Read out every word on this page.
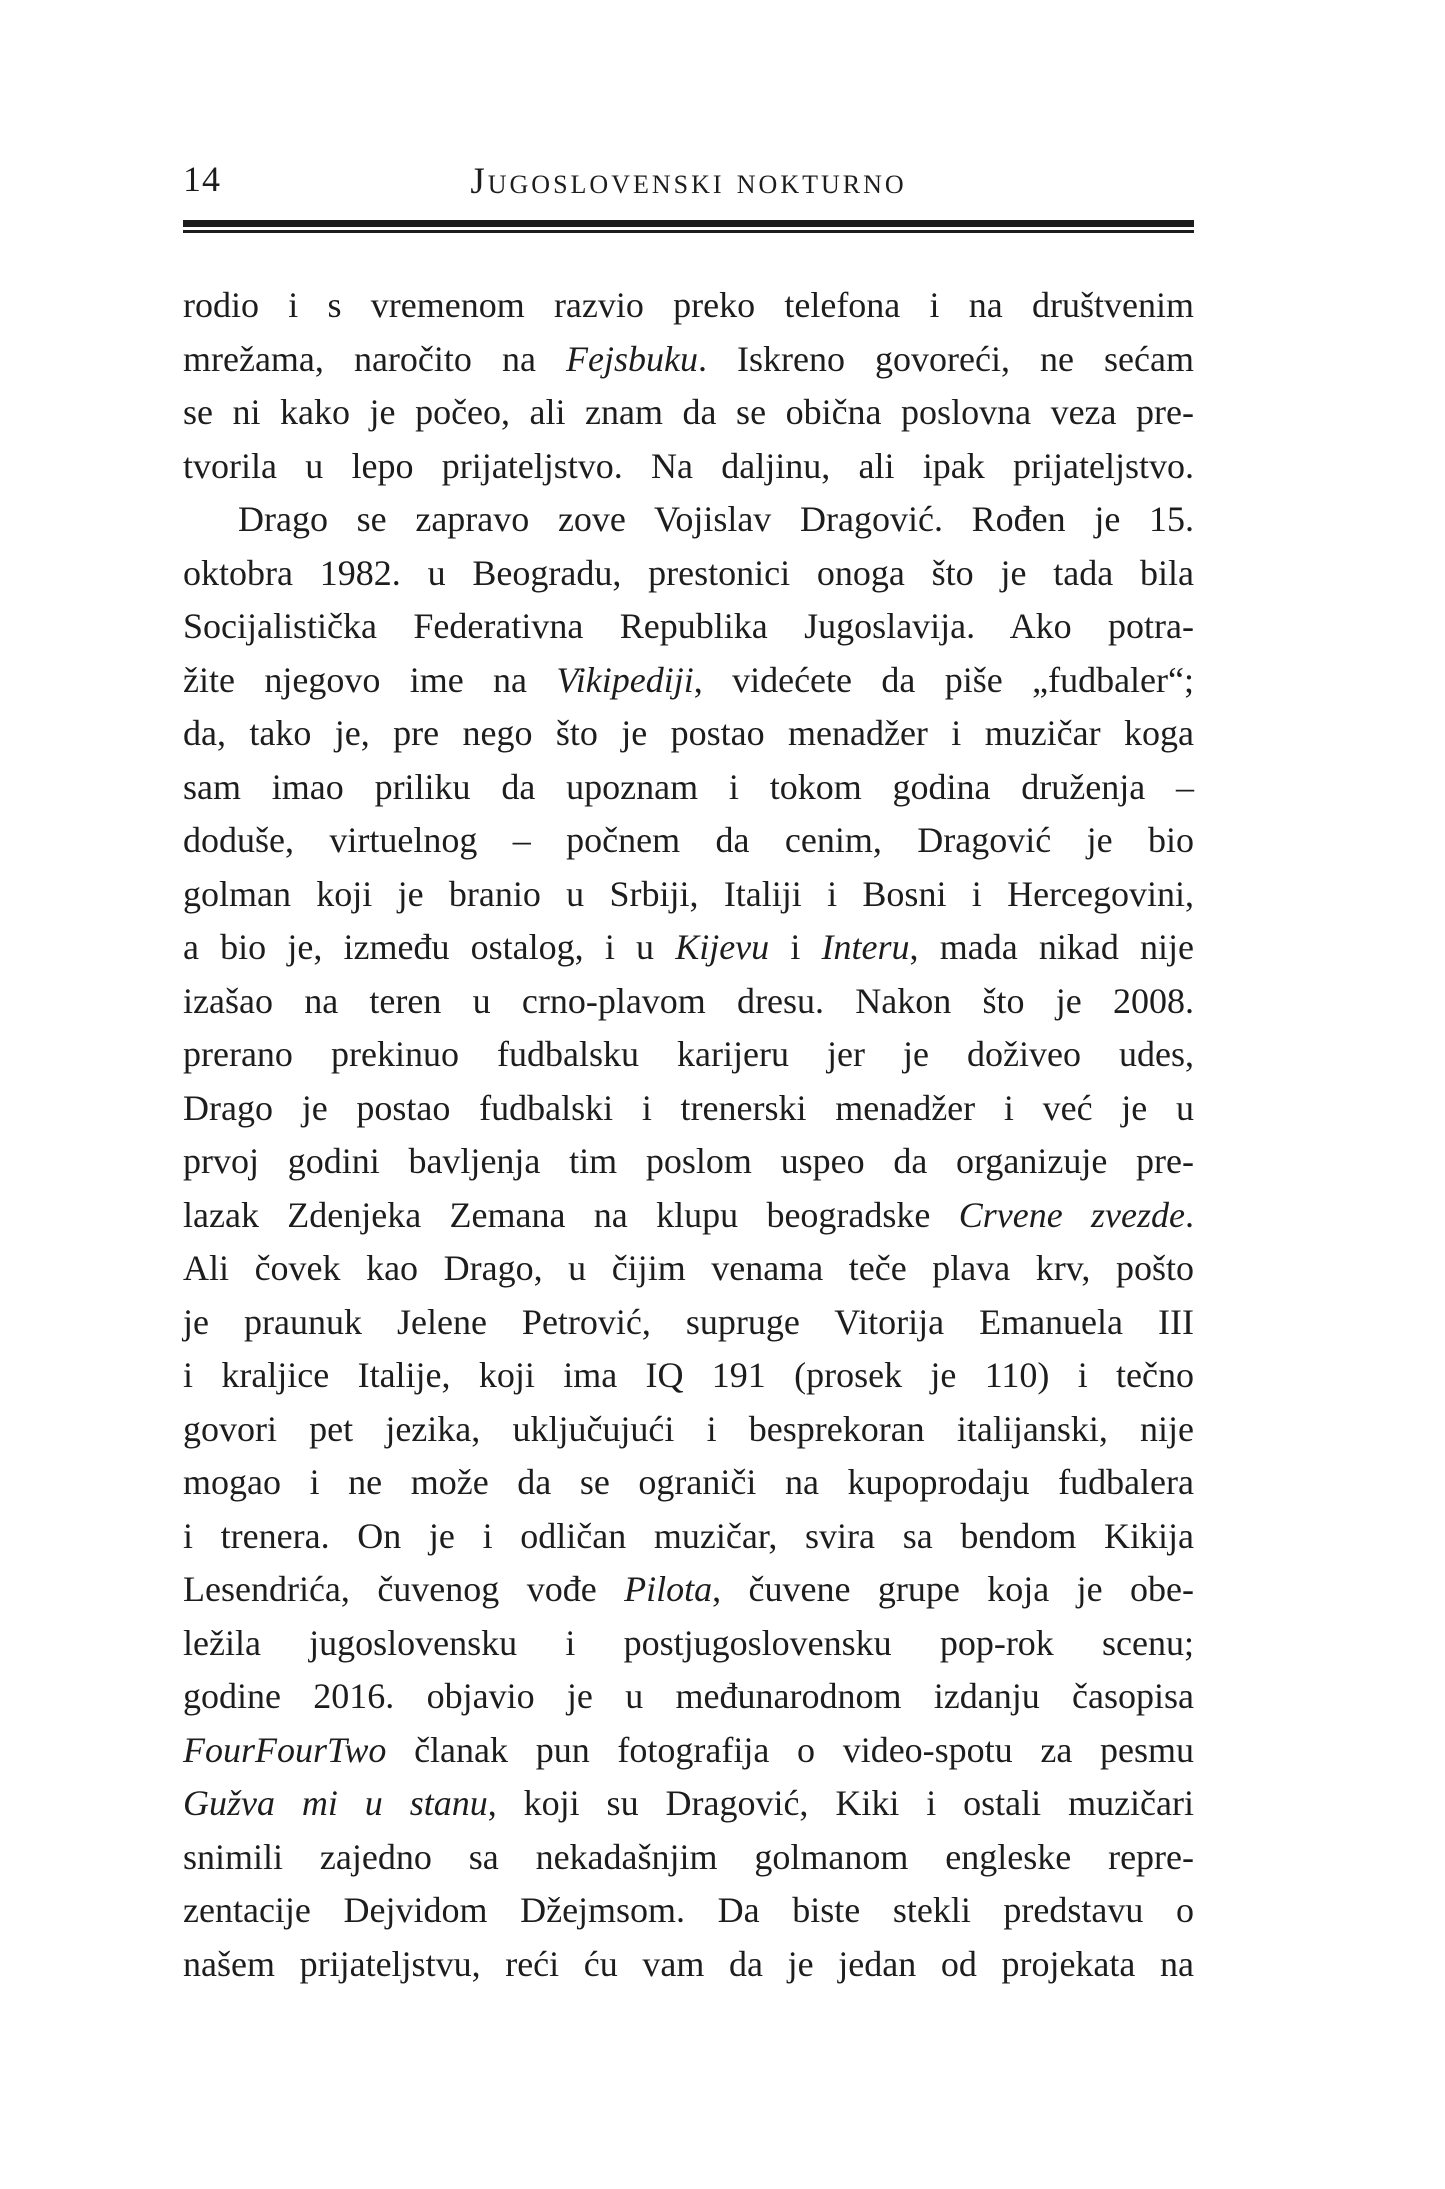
14	Jugoslovenski nokturno
rodio i s vremenom razvio preko telefona i na društvenim
mrežama, naročito na Fejsbuku. Iskreno govoreći, ne sećam
se ni kako je počeo, ali znam da se obična poslovna veza pre-
tvorila u lepo prijateljstvo. Na daljinu, ali ipak prijateljstvo.
Drago se zapravo zove Vojislav Dragović. Rođen je 15.
oktobra 1982. u Beogradu, prestonici onoga što je tada bila
Socijalistička Federativna Republika Jugoslavija. Ako potra-
žite njegovo ime na Vikipediji, videćete da piše „fudbaler“;
da, tako je, pre nego što je postao menadžer i muzičar koga
sam imao priliku da upoznam i tokom godina druženja –
doduše, virtuelnog – počnem da cenim, Dragović je bio
golman koji je branio u Srbiji, Italiji i Bosni i Hercegovini,
a bio je, između ostalog, i u Kijevu i Interu, mada nikad nije
izašao na teren u crno-plavom dresu. Nakon što je 2008.
prerano prekinuo fudbalsku karijeru jer je doživeo udes,
Drago je postao fudbalski i trenerski menadžer i već je u
prvoj godini bavljenja tim poslom uspeo da organizuje pre-
lazak Zdenjeka Zemana na klupu beogradske Crvene zvezde.
Ali čovek kao Drago, u čijim venama teče plava krv, pošto
je praunuk Jelene Petrović, supruge Vitorija Emanuela III
i kraljice Italije, koji ima IQ 191 (prosek je 110) i tečno
govori pet jezika, uključujući i besprekoran italijanski, nije
mogao i ne može da se ograniči na kupoprodaju fudbalera
i trenera. On je i odličan muzičar, svira sa bendom Kikija
Lesendrića, čuvenog vođe Pilota, čuvene grupe koja je obe-
ležila jugoslovensku i postjugoslovensku pop-rok scenu;
godine 2016. objavio je u međunarodnom izdanju časopisa
FourFourTwo članak pun fotografija o video-spotu za pesmu
Gužva mi u stanu, koji su Dragović, Kiki i ostali muzičari
snimili zajedno sa nekadašnjim golmanom engleske repre-
zentacije Dejvidom Džejmsom. Da biste stekli predstavu o
našem prijateljstvu, reći ću vam da je jedan od projekata na
